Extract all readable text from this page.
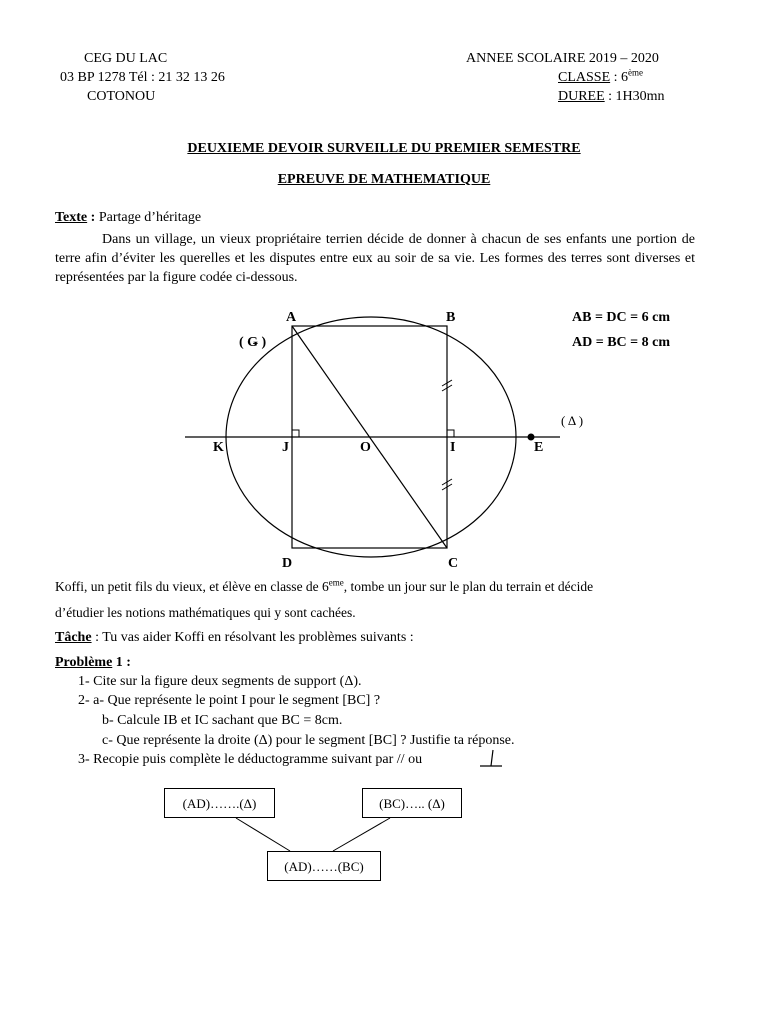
CEG DU LAC
03 BP 1278 Tél : 21 32 13 26
COTONOU
ANNEE SCOLAIRE 2019 – 2020
CLASSE : 6ème
DUREE : 1H30mn
DEUXIEME DEVOIR SURVEILLE DU PREMIER SEMESTRE
EPREUVE DE MATHEMATIQUE
Texte : Partage d’héritage
Dans un village, un vieux propriétaire terrien décide de donner à chacun de ses enfants une portion de terre afin d’éviter les querelles et les disputes entre eux au soir de sa vie. Les formes des terres sont diverses et représentées par la figure codée ci-dessous.
A	B
C
D
K	J	O	I	E
( Ǥ )
( Δ )
AB = DC = 6 cm
AD = BC = 8 cm
Koffi, un petit fils du vieux, et élève en classe de 6eme, tombe un jour sur le plan du terrain et décide
d’étudier les notions mathématiques qui y sont cachées.
Tâche : Tu vas aider Koffi en résolvant les problèmes suivants :
Problème 1 :
1- Cite sur la figure deux segments de support (Δ).
2- a- Que représente le point I pour le segment [BC] ?
b- Calcule IB et IC sachant que BC = 8cm.
c- Que représente la droite (Δ) pour le segment [BC] ? Justifie ta réponse.
3- Recopie puis complète le déductogramme suivant par // ou
(AD)…….(Δ)	(BC)….. (Δ)
(AD)……(BC)
